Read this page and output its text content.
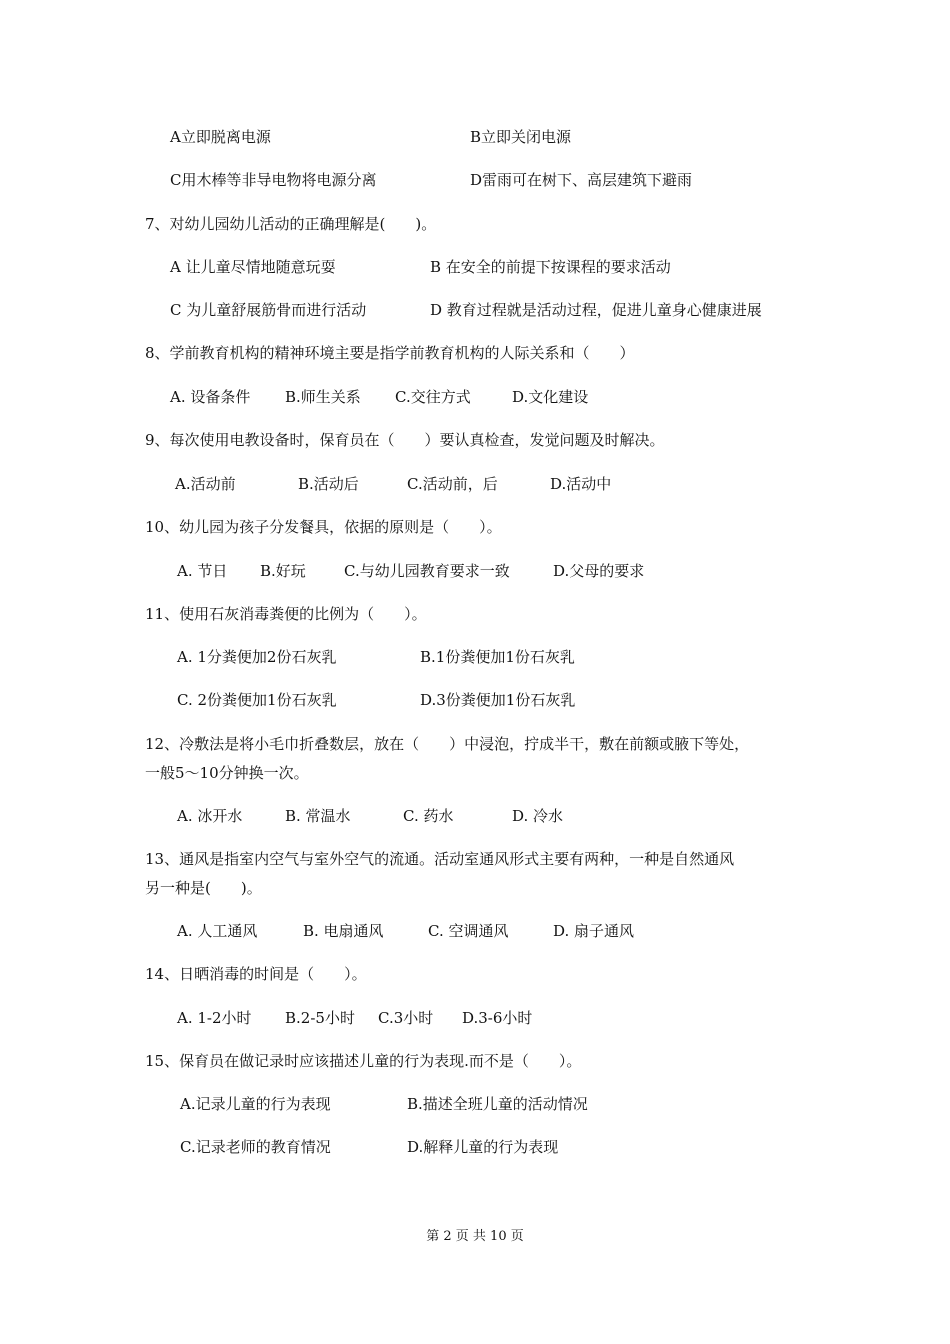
A立即脱离电源	B立即关闭电源
C用木棒等非导电物将电源分离	D雷雨可在树下、高层建筑下避雨
7、对幼儿园幼儿活动的正确理解是(　　)。
A 让儿童尽情地随意玩耍	B 在安全的前提下按课程的要求活动
C 为儿童舒展筋骨而进行活动	D 教育过程就是活动过程，促进儿童身心健康进展
8、学前教育机构的精神环境主要是指学前教育机构的人际关系和（　　）
A. 设备条件 B.师生关系 C.交往方式	D.文化建设
9、每次使用电教设备时，保育员在（　　）要认真检查，发觉问题及时解决。
A.活动前	B.活动后	C.活动前，后	D.活动中
10、幼儿园为孩子分发餐具，依据的原则是（　　）。
A. 节日 B.好玩	C.与幼儿园教育要求一致	D.父母的要求
11、使用石灰消毒粪便的比例为（　　）。
A. 1分粪便加2份石灰乳	B.1份粪便加1份石灰乳
C. 2份粪便加1份石灰乳	D.3份粪便加1份石灰乳
12、冷敷法是将小毛巾折叠数层，放在（　　）中浸泡，拧成半干，敷在前额或腋下等处，
一般5～10分钟换一次。
A. 冰开水	B. 常温水	C. 药水	D. 冷水
13、通风是指室内空气与室外空气的流通。活动室通风形式主要有两种，一种是自然通风
另一种是(　　)。
A. 人工通风	B. 电扇通风	C. 空调通风	D. 扇子通风
14、日晒消毒的时间是（　　）。
A. 1-2小时 B.2-5小时 C.3小时 D.3-6小时
15、保育员在做记录时应该描述儿童的行为表现.而不是（　　）。
A.记录儿童的行为表现	B.描述全班儿童的活动情况
C.记录老师的教育情况	D.解释儿童的行为表现
第 2 页 共 10 页
